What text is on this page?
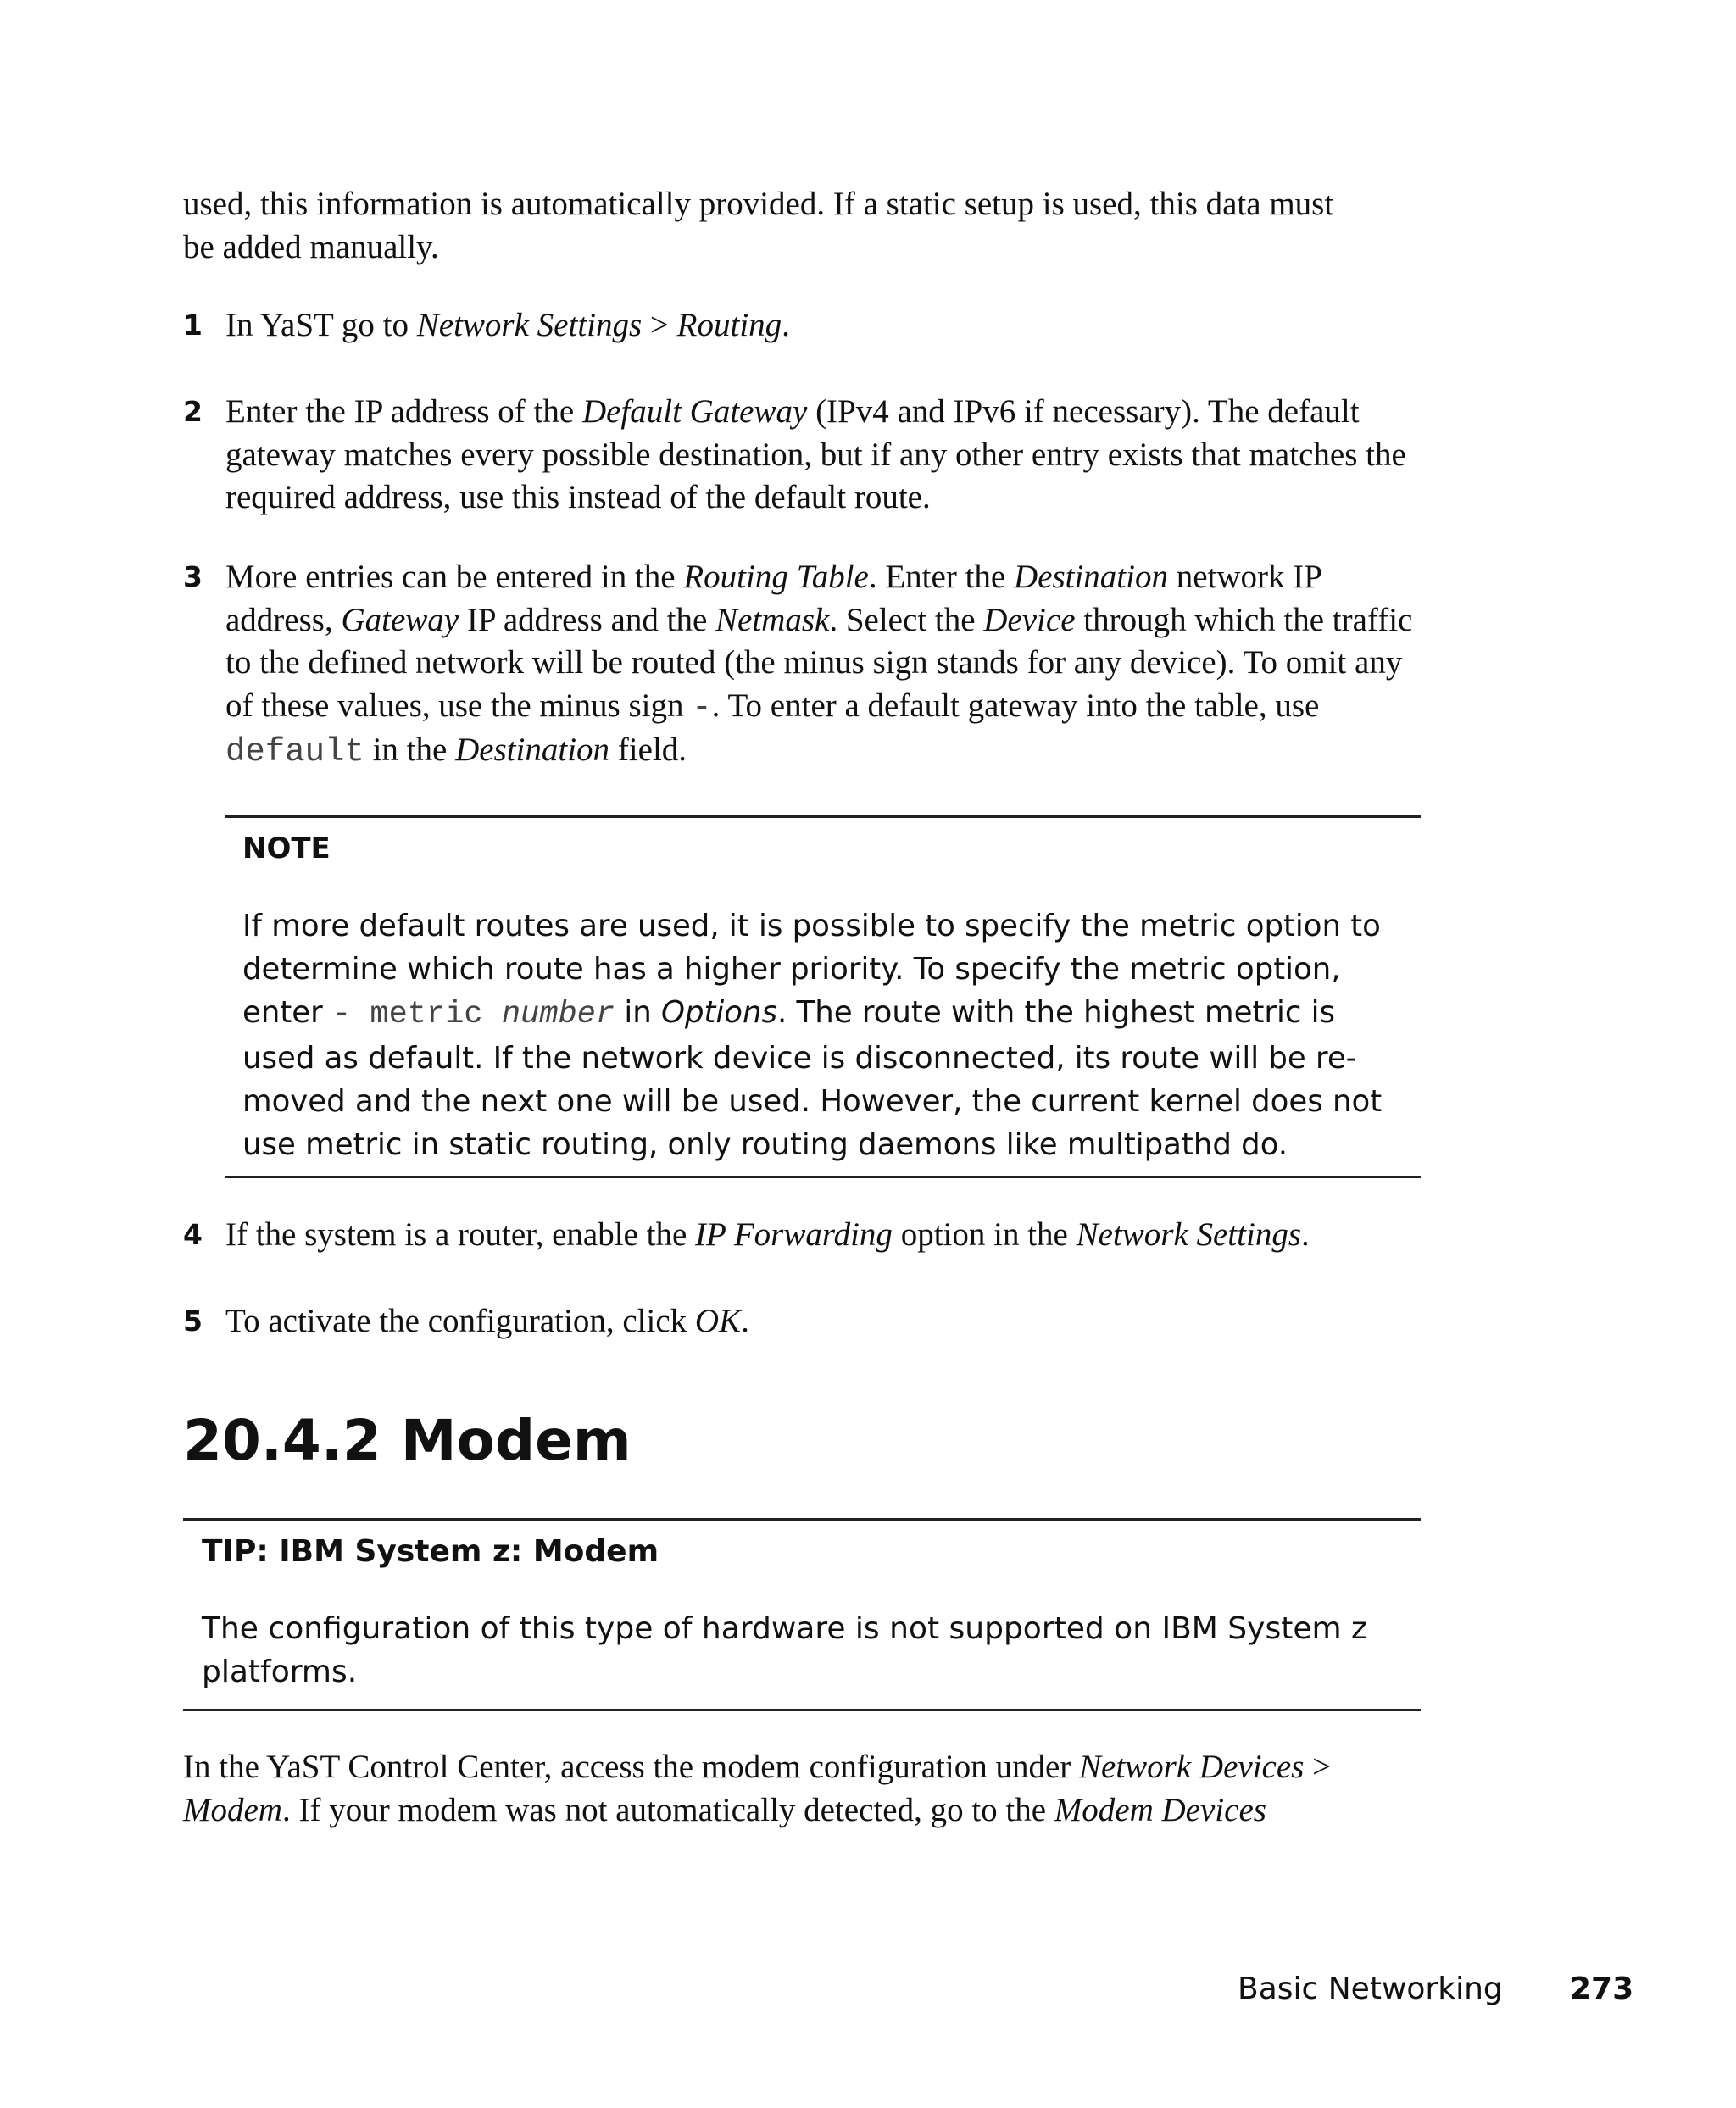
used, this information is automatically provided. If a static setup is used, this data must
be added manually.
1 In YaST go to Network Settings > Routing.
2 Enter the IP address of the Default Gateway (IPv4 and IPv6 if necessary). The default gateway matches every possible destination, but if any other entry exists that matches the required address, use this instead of the default route.
3 More entries can be entered in the Routing Table. Enter the Destination network IP address, Gateway IP address and the Netmask. Select the Device through which the traffic to the defined network will be routed (the minus sign stands for any device). To omit any of these values, use the minus sign -. To enter a default gateway into the table, use default in the Destination field.
NOTE
If more default routes are used, it is possible to specify the metric option to determine which route has a higher priority. To specify the metric option, enter - metric number in Options. The route with the highest metric is used as default. If the network device is disconnected, its route will be re-moved and the next one will be used. However, the current kernel does not use metric in static routing, only routing daemons like multipathd do.
4 If the system is a router, enable the IP Forwarding option in the Network Settings.
5 To activate the configuration, click OK.
20.4.2 Modem
TIP: IBM System z: Modem
The configuration of this type of hardware is not supported on IBM System z platforms.
In the YaST Control Center, access the modem configuration under Network Devices > Modem. If your modem was not automatically detected, go to the Modem Devices
Basic Networking 273
